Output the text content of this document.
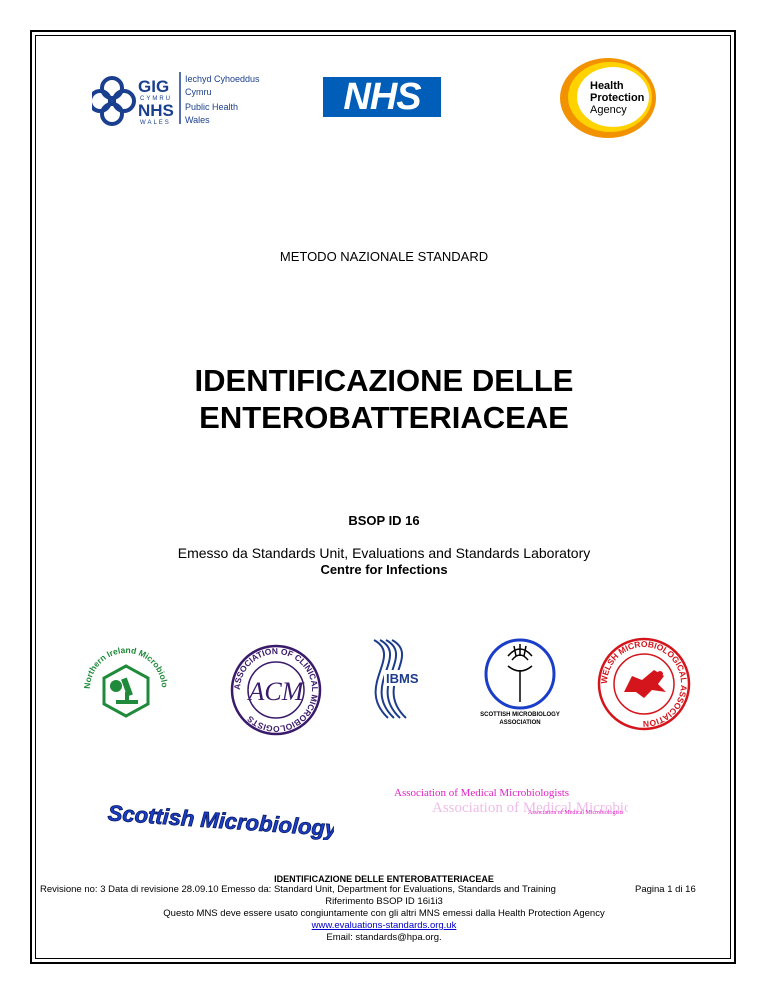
GIG
CYMRU
NHS
WALES
Iechyd Cyhoeddus
Cymru
Public Health
Wales
NHS	Health
Protection
Agency
METODO NAZIONALE STANDARD
IDENTIFICAZIONE DELLE
ENTEROBATTERIACEAE
BSOP ID 16
Emesso da Standards Unit, Evaluations and Standards Laboratory
Centre for Infections
Northern Ireland Microbiolo	ASSOCIATION OF CLINICAL MICROBIOLOGISTS
ACM	IBMS
SCOTTISH MICROBIOLOGY
ASSOCIATION
WELSH MICROBIOLOGICAL ASSOCIATION
Scottish Microbiology
Association of Medical Microbiologists
Association of Medical Microbio
Association of Medical Microbiologists
IDENTIFICAZIONE DELLE ENTEROBATTERIACEAE
Revisione no: 3 Data di revisione 28.09.10 Emesso da: Standard Unit, Department for Evaluations, Standards and Training	Pagina 1 di 16
Riferimento BSOP ID 16i1i3
Questo MNS deve essere usato congiuntamente con gli altri MNS emessi dalla Health Protection Agency
www.evaluations-standards.org.uk
Email: standards@hpa.org.
